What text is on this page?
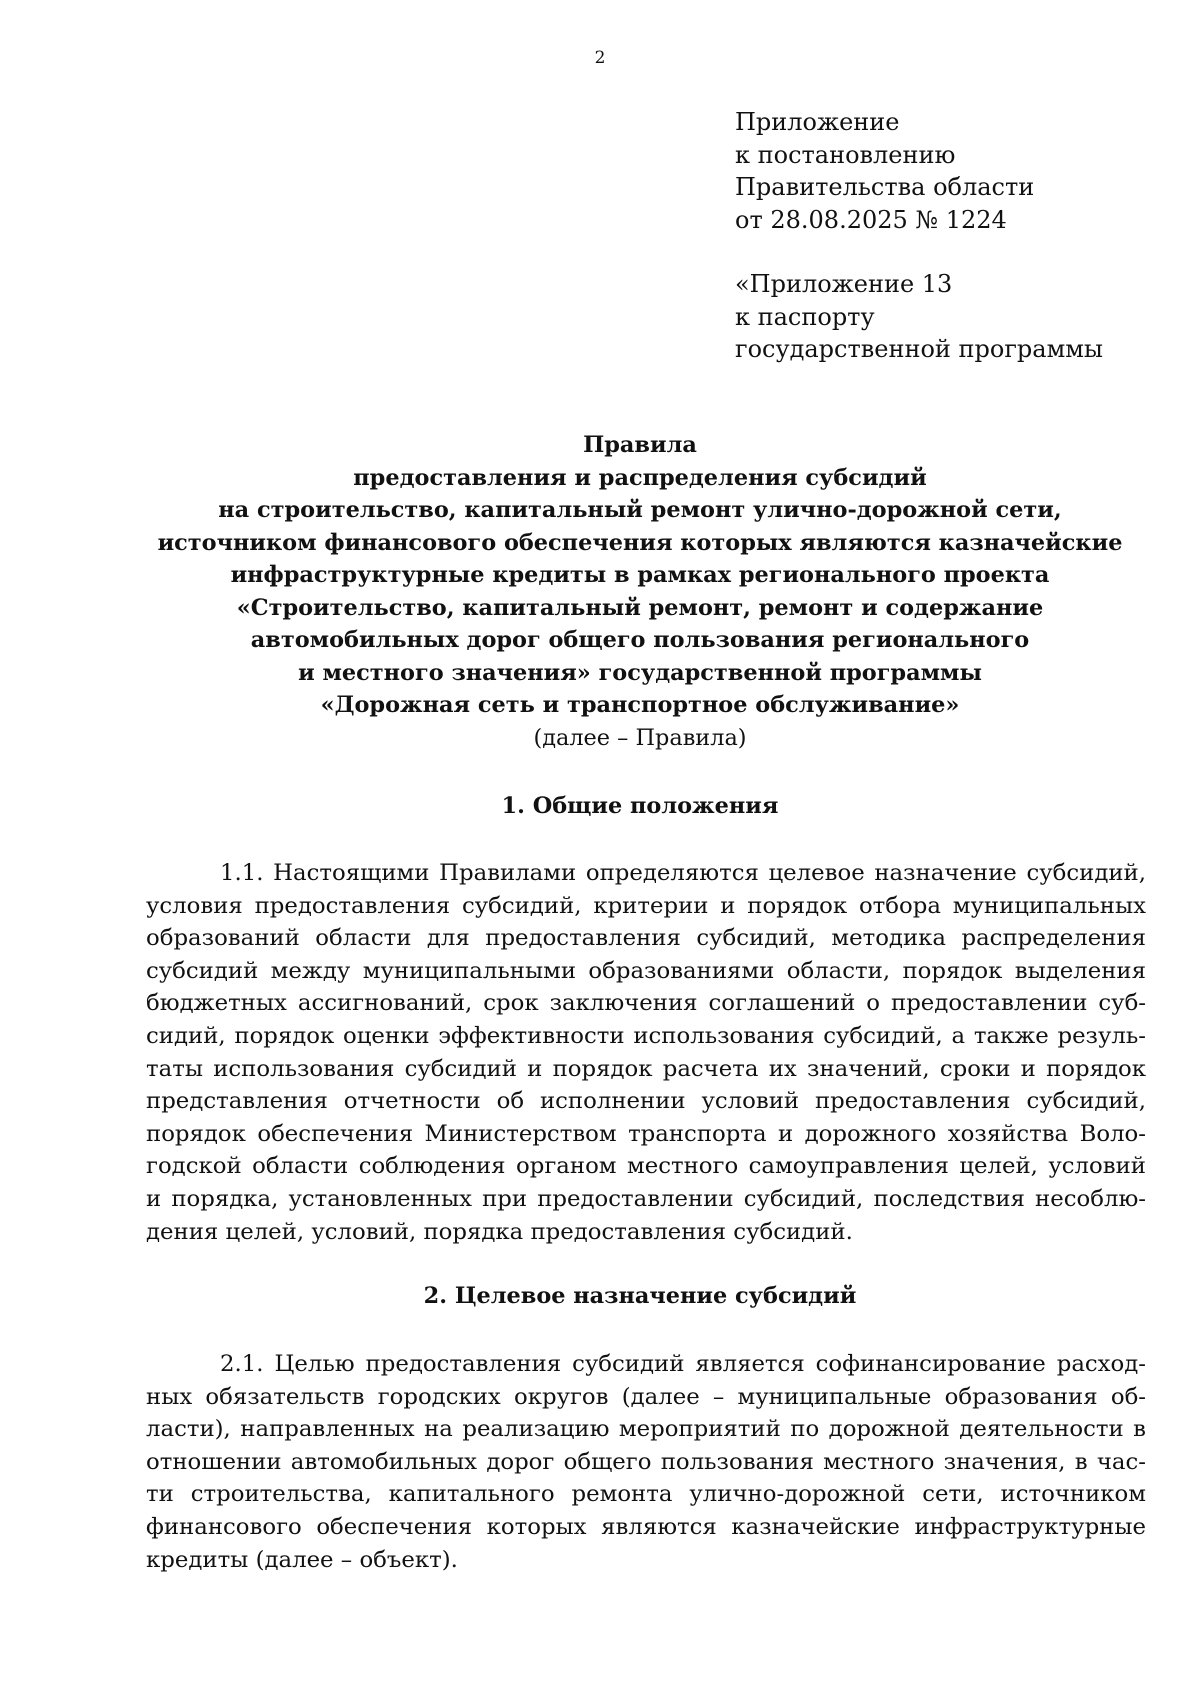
2
Приложение
к постановлению
Правительства области
от 28.08.2025 № 1224
«Приложение 13
к паспорту
государственной программы
Правила
предоставления и распределения субсидий
на строительство, капитальный ремонт улично-дорожной сети,
источником финансового обеспечения которых являются казначейские
инфраструктурные кредиты в рамках регионального проекта
«Строительство, капитальный ремонт, ремонт и содержание
автомобильных дорог общего пользования регионального
и местного значения» государственной программы
«Дорожная сеть и транспортное обслуживание»
(далее – Правила)
1. Общие положения
1.1. Настоящими Правилами определяются целевое назначение субсидий,
условия предоставления субсидий, критерии и порядок отбора муниципальных
образований области для предоставления субсидий, методика распределения
субсидий между муниципальными образованиями области, порядок выделения
бюджетных ассигнований, срок заключения соглашений о предоставлении суб-
сидий, порядок оценки эффективности использования субсидий, а также резуль-
таты использования субсидий и порядок расчета их значений, сроки и порядок
представления отчетности об исполнении условий предоставления субсидий,
порядок обеспечения Министерством транспорта и дорожного хозяйства Воло-
годской области соблюдения органом местного самоуправления целей, условий
и порядка, установленных при предоставлении субсидий, последствия несоблю-
дения целей, условий, порядка предоставления субсидий.
2. Целевое назначение субсидий
2.1. Целью предоставления субсидий является софинансирование расход-
ных обязательств городских округов (далее – муниципальные образования об-
ласти), направленных на реализацию мероприятий по дорожной деятельности в
отношении автомобильных дорог общего пользования местного значения, в час-
ти строительства, капитального ремонта улично-дорожной сети, источником
финансового обеспечения которых являются казначейские инфраструктурные
кредиты (далее – объект).
